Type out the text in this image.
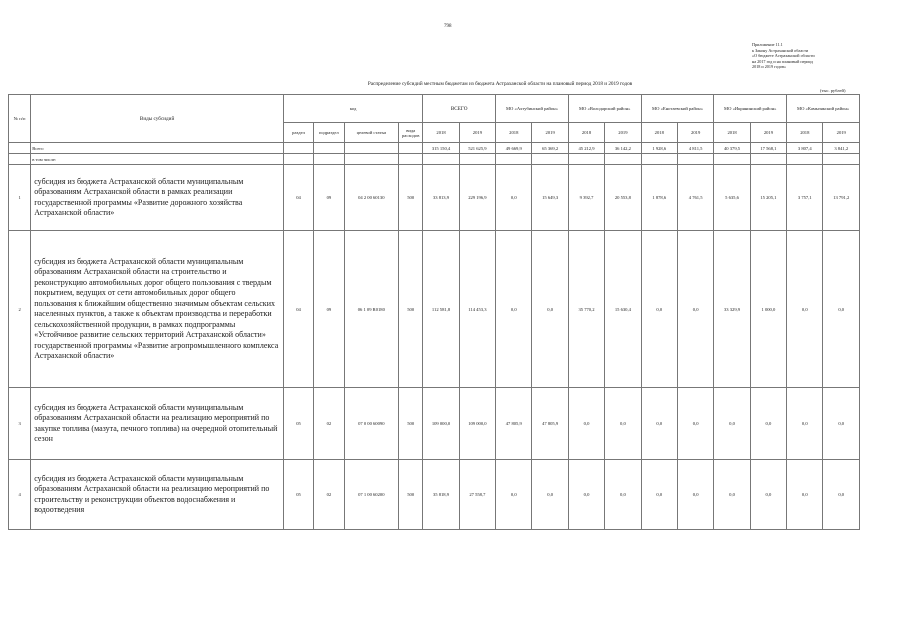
798
Приложение 11.1
к Закону Астраханской области
«О бюджете Астраханской области
на 2017 год и на плановый период
2018 и 2019 годов»
Распределение субсидий местным бюджетам из бюджета Астраханской области на плановый период 2018 и 2019 годов
(тыс. рублей)
№ п/п	Виды субсидий	код				ВСЕГО		МО «Ахтубинский район»		МО «Володарский район»		МО «Енотаевский район»		МО «Икрянинский район»		МО «Камызякский район»	
		раздел	подраздел	целевой статьи	вида расходов	2018	2019	2018	2019	2018	2019	2018	2019	2018	2019	2018	2019
	Всего					315 150,4	521 625,9	49 669,9	65 369,2	45 212,9	36 142,2	1 928,6	4 811,5	40 379,5	17 568,1	3 807,4	3 841,2
	в том числе:																
1	субсидия из бюджета Астраханской области муниципальным образованиям Астраханской области в рамках реализации государственной программы «Развитие дорожного хозяйства Астраханской области»	04	09	04 2 00 60130	500	33 813,9	229 196,9	0,0	15 649,3	9 392,7	20 553,8	1 878,6	4 761,5	5 635,6	15 205,1	3 757,1	13 791,2
2	субсидия из бюджета Астраханской области муниципальным образованиям Астраханской области на строительство и реконструкцию автомобильных дорог общего пользования с твердым покрытием, ведущих от сети автомобильных дорог общего пользования к ближайшим общественно значимым объектам сельских населенных пунктов, а также к объектам производства и переработки сельскохозяйственной продукции, в рамках подпрограммы «Устойчивое развитие сельских территорий Астраханской области» государственной программы «Развитие агропромышленного комплекса Астраханской области»	04	09	06 1 09 R0180	500	112 581,8	114 453,3	0,0	0,0	35 770,2	15 630,4	0,0	0,0	33 329,9	1 000,0	0,0	0,0
3	субсидия из бюджета Астраханской области муниципальным образованиям Астраханской области на реализацию мероприятий по закупке топлива (мазута, печного топлива) на очередной отопительный сезон	05	02	07 0 00 60090	500	109 000,0	109 000,0	47 805,9	47 805,9	0,0	0,0	0,0	0,0	0,0	0,0	0,0	0,0
4	субсидия из бюджета Астраханской области муниципальным образованиям Астраханской области на реализацию мероприятий по строительству и реконструкции объектов водоснабжения и водоотведения	05	02	07 1 00 60200	500	35 818,9	27 558,7	0,0	0,0	0,0	0,0	0,0	0,0	0,0	0,0	0,0	0,0
